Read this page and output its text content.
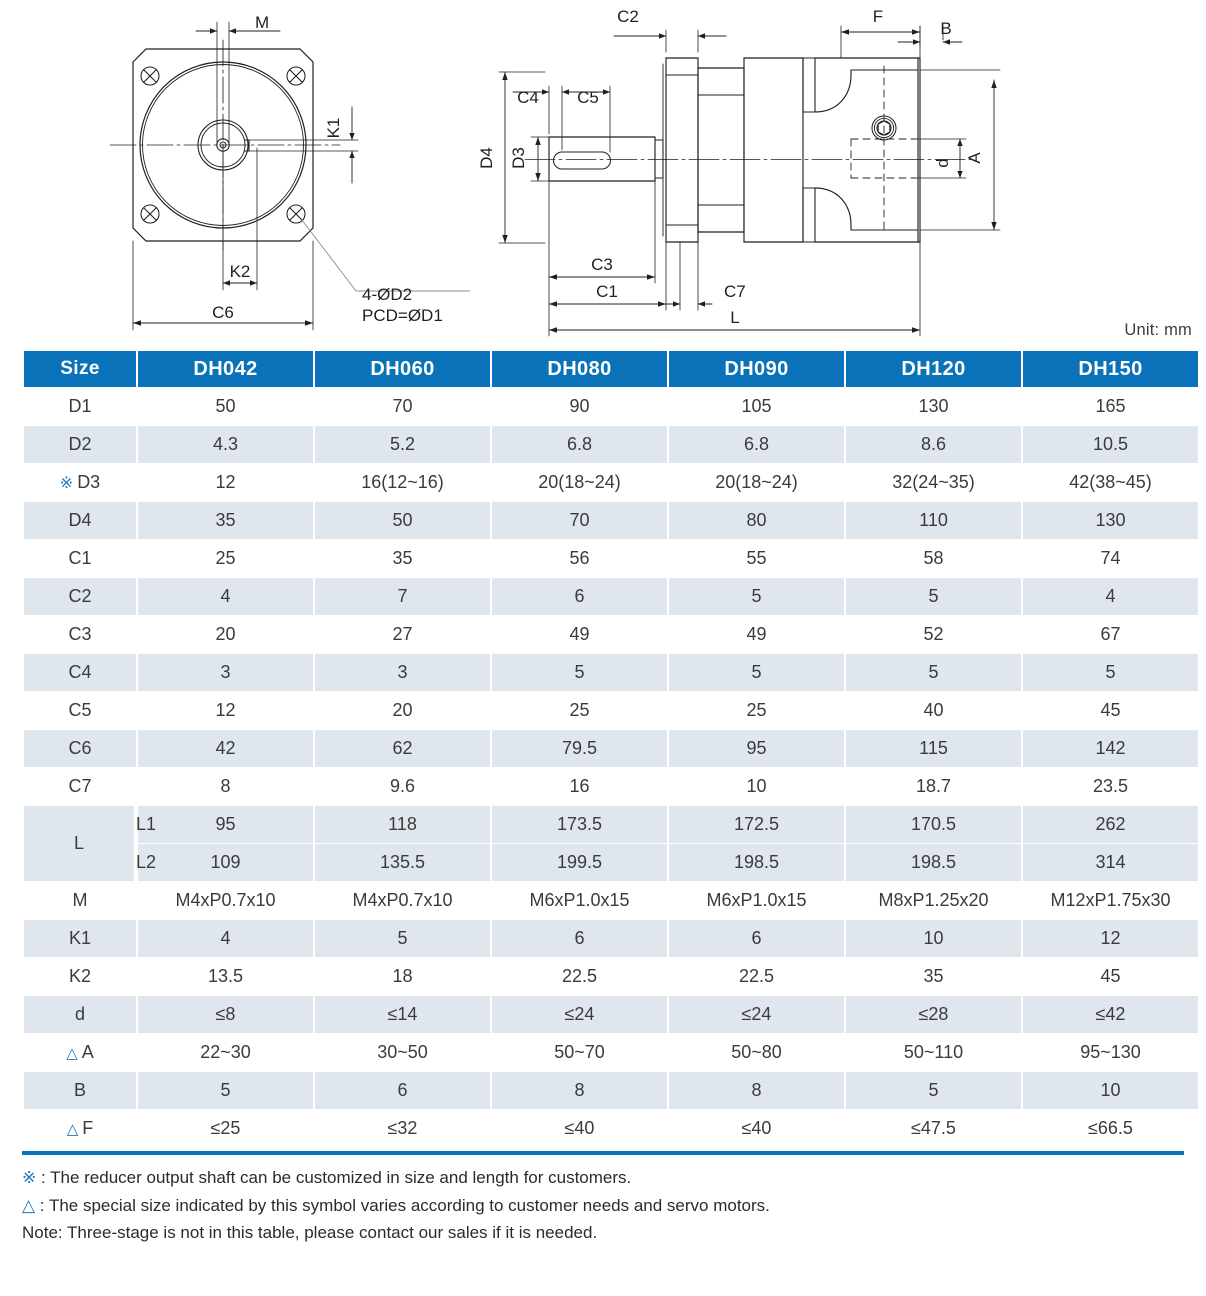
M
K1
K2
C6
4-ØD2
PCD=ØD1
C2
C4 C5
D4 D3
C3
C1	C7
L
F
B
d A
Unit: mm
Size		DH042	DH060	DH080	DH090	DH120	DH150
D1		50	70	90	105	130	165
D2		4.3	5.2	6.8	6.8	8.6	10.5
※ D3		12	16(12~16)	20(18~24)	20(18~24)	32(24~35)	42(38~45)
D4		35	50	70	80	110	130
C1		25	35	56	55	58	74
C2		4	7	6	5	5	4
C3		20	27	49	49	52	67
C4		3	3	5	5	5	5
C5		12	20	25	25	40	45
C6		42	62	79.5	95	115	142
C7		8	9.6	16	10	18.7	23.5
L	L1	95	118	173.5	172.5	170.5	262
	L2	109	135.5	199.5	198.5	198.5	314
M		M4xP0.7x10	M4xP0.7x10	M6xP1.0x15	M6xP1.0x15	M8xP1.25x20	M12xP1.75x30
K1		4	5	6	6	10	12
K2		13.5	18	22.5	22.5	35	45
d		≤8	≤14	≤24	≤24	≤28	≤42
△ A		22~30	30~50	50~70	50~80	50~110	95~130
B		5	6	8	8	5	10
△ F		≤25	≤32	≤40	≤40	≤47.5	≤66.5
※ : The reducer output shaft can be customized in size and length for customers.
△ : The special size indicated by this symbol varies according to customer needs and servo motors.
Note: Three-stage is not in this table, please contact our sales if it is needed.
